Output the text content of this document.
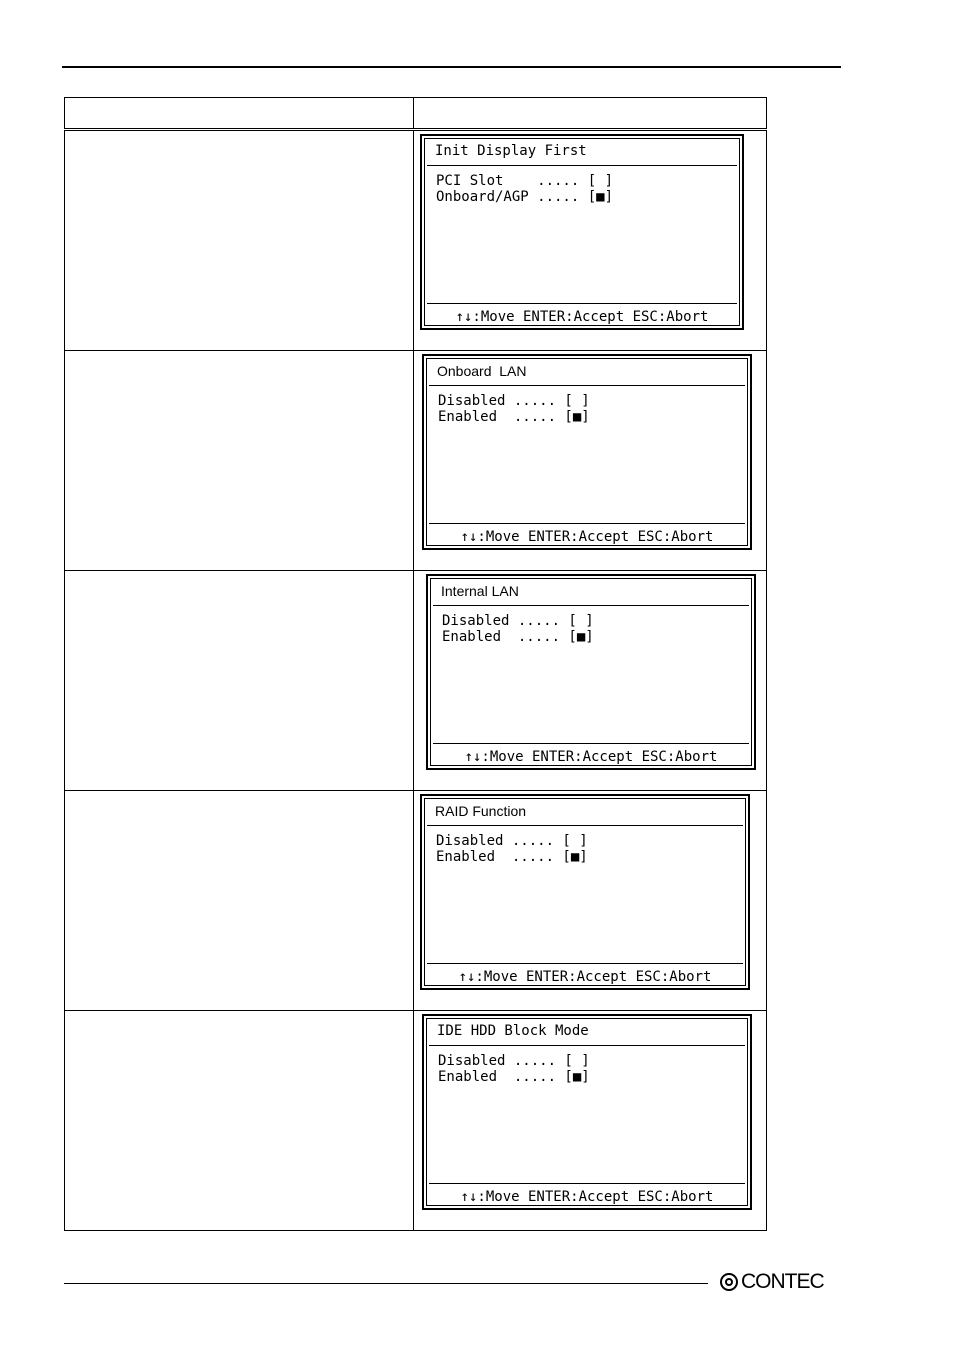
	Init Display First
PCI Slot    ..... [ ]
Onboard/AGP ..... [■]
↑↓:Move ENTER:Accept ESC:Abort

	Onboard  LAN
Disabled ..... [ ]
Enabled  ..... [■]
↑↓:Move ENTER:Accept ESC:Abort

	Internal LAN
Disabled ..... [ ]
Enabled  ..... [■]
↑↓:Move ENTER:Accept ESC:Abort

	RAID Function
Disabled ..... [ ]
Enabled  ..... [■]
↑↓:Move ENTER:Accept ESC:Abort

	IDE HDD Block Mode
Disabled ..... [ ]
Enabled  ..... [■]
↑↓:Move ENTER:Accept ESC:Abort
CONTEC
